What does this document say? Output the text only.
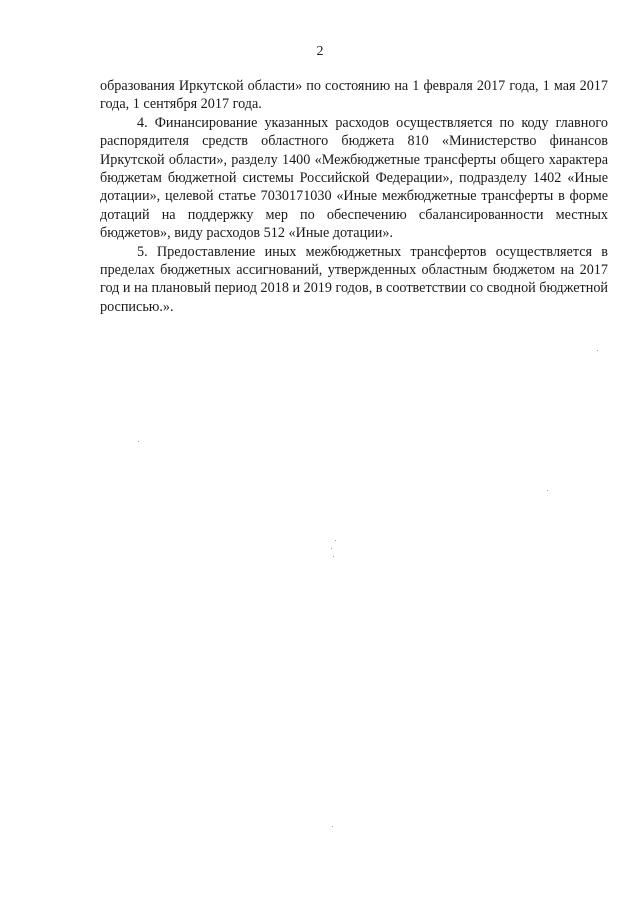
2

образования Иркутской области» по состоянию на 1 февраля 2017 года, 1 мая 2017 года, 1 сентября 2017 года.

4. Финансирование указанных расходов осуществляется по коду главного распорядителя средств областного бюджета 810 «Министерство финансов Иркутской области», разделу 1400 «Межбюджетные трансферты общего характера бюджетам бюджетной системы Российской Федерации», подразделу 1402 «Иные дотации», целевой статье 7030171030 «Иные межбюджетные трансферты в форме дотаций на поддержку мер по обеспечению сбалансированности местных бюджетов», виду расходов 512 «Иные дотации».

5. Предоставление иных межбюджетных трансфертов осуществляется в пределах бюджетных ассигнований, утвержденных областным бюджетом на 2017 год и на плановый период 2018 и 2019 годов, в соответствии со сводной бюджетной росписью.».
